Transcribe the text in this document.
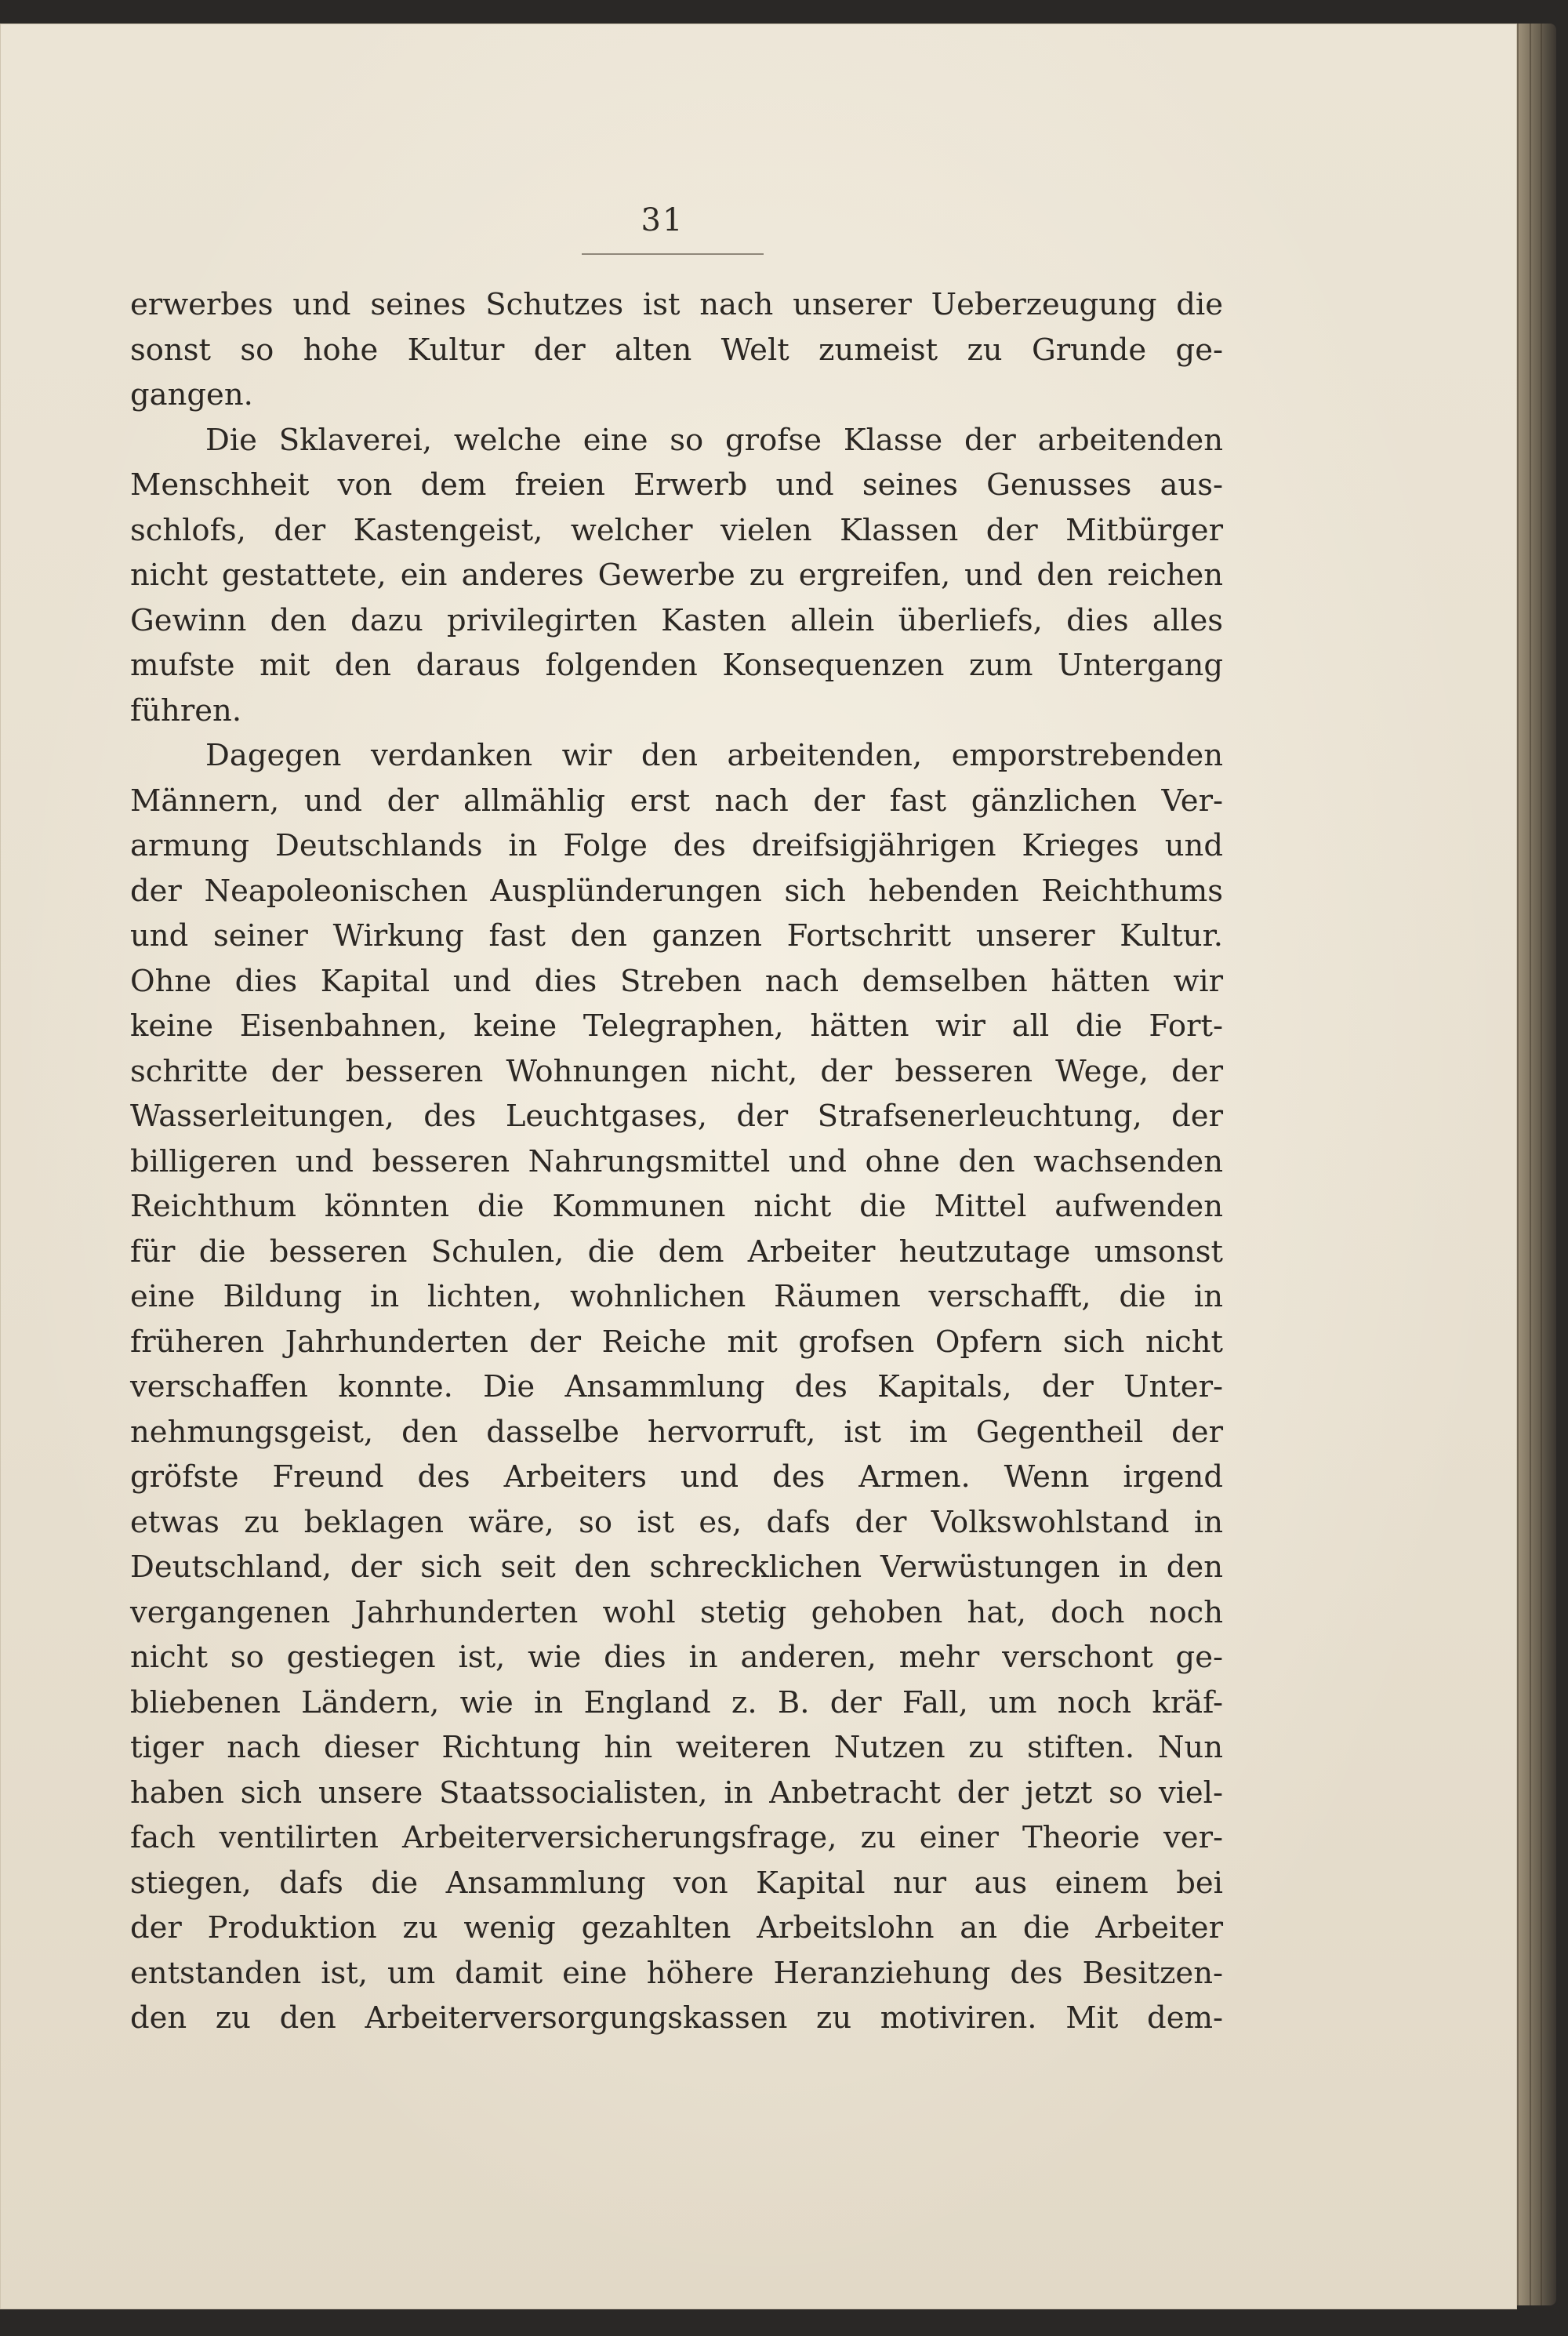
31
erwerbes und seines Schutzes ist nach unserer Ueberzeugung die
sonst so hohe Kultur der alten Welt zumeist zu Grunde ge-
gangen.
Die Sklaverei, welche eine so grofse Klasse der arbeitenden
Menschheit von dem freien Erwerb und seines Genusses aus-
schlofs, der Kastengeist, welcher vielen Klassen der Mitbürger
nicht gestattete, ein anderes Gewerbe zu ergreifen, und den reichen
Gewinn den dazu privilegirten Kasten allein überliefs, dies alles
mufste mit den daraus folgenden Konsequenzen zum Untergang
führen.
Dagegen verdanken wir den arbeitenden, emporstrebenden
Männern, und der allmählig erst nach der fast gänzlichen Ver-
armung Deutschlands in Folge des dreifsigjährigen Krieges und
der Neapoleonischen Ausplünderungen sich hebenden Reichthums
und seiner Wirkung fast den ganzen Fortschritt unserer Kultur.
Ohne dies Kapital und dies Streben nach demselben hätten wir
keine Eisenbahnen, keine Telegraphen, hätten wir all die Fort-
schritte der besseren Wohnungen nicht, der besseren Wege, der
Wasserleitungen, des Leuchtgases, der Strafsenerleuchtung, der
billigeren und besseren Nahrungsmittel und ohne den wachsenden
Reichthum könnten die Kommunen nicht die Mittel aufwenden
für die besseren Schulen, die dem Arbeiter heutzutage umsonst
eine Bildung in lichten, wohnlichen Räumen verschafft, die in
früheren Jahrhunderten der Reiche mit grofsen Opfern sich nicht
verschaffen konnte. Die Ansammlung des Kapitals, der Unter-
nehmungsgeist, den dasselbe hervorruft, ist im Gegentheil der
gröfste Freund des Arbeiters und des Armen. Wenn irgend
etwas zu beklagen wäre, so ist es, dafs der Volkswohlstand in
Deutschland, der sich seit den schrecklichen Verwüstungen in den
vergangenen Jahrhunderten wohl stetig gehoben hat, doch noch
nicht so gestiegen ist, wie dies in anderen, mehr verschont ge-
bliebenen Ländern, wie in England z. B. der Fall, um noch kräf-
tiger nach dieser Richtung hin weiteren Nutzen zu stiften. Nun
haben sich unsere Staatssocialisten, in Anbetracht der jetzt so viel-
fach ventilirten Arbeiterversicherungsfrage, zu einer Theorie ver-
stiegen, dafs die Ansammlung von Kapital nur aus einem bei
der Produktion zu wenig gezahlten Arbeitslohn an die Arbeiter
entstanden ist, um damit eine höhere Heranziehung des Besitzen-
den zu den Arbeiterversorgungskassen zu motiviren. Mit dem-
